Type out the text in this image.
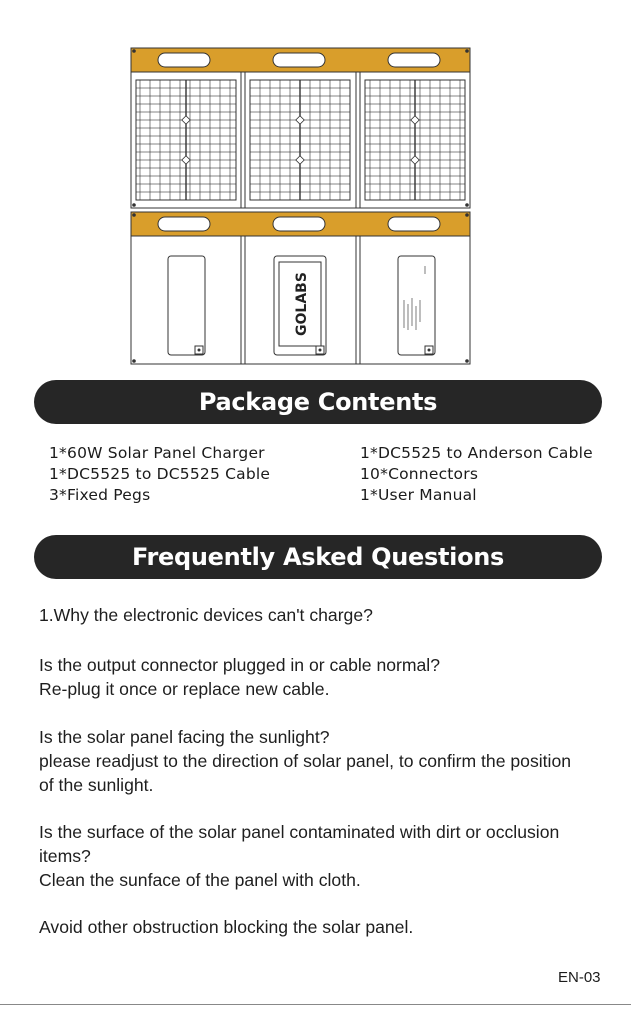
GOLABS
Package Contents
1*60W Solar Panel Charger
1*DC5525 to DC5525 Cable
3*Fixed Pegs
1*DC5525 to Anderson Cable
10*Connectors
1*User Manual
Frequently Asked Questions
1.Why the electronic devices can't charge?
Is the output connector plugged in or cable normal?
Re-plug it once or replace new cable.
Is the solar panel facing the sunlight?
please readjust to the direction of solar panel, to confirm the position
of the sunlight.
Is the surface of the solar panel contaminated with dirt or occlusion
items?
Clean the sunface of the panel with cloth.
Avoid other obstruction blocking the solar panel.
EN-03
